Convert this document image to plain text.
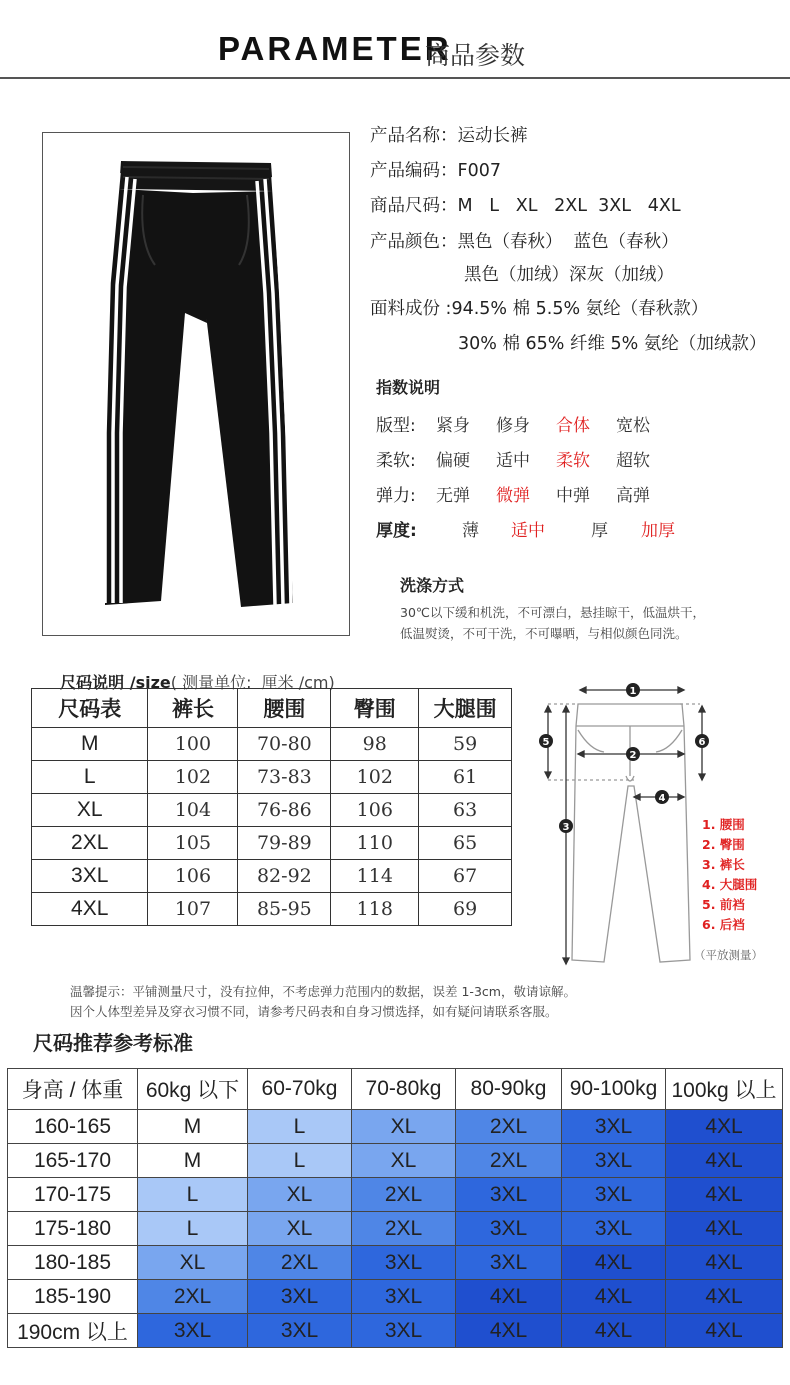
PARAMETER
商品参数
产品名称：运动长裤
产品编码：F007
商品尺码：M   L   XL   2XL  3XL   4XL
产品颜色：黑色（春秋）  蓝色（春秋）
黑色（加绒）深灰（加绒）
面料成份 :94.5% 棉 5.5% 氨纶（春秋款）
30% 棉 65% 纤维 5% 氨纶（加绒款）
指数说明
版型: 紧身 修身 合体 宽松
柔软: 偏硬 适中 柔软 超软
弹力: 无弹 微弹 中弹 高弹
厚度:	薄 适中	厚 加厚
洗涤方式
30℃以下缓和机洗，不可漂白，悬挂晾干，低温烘干，
低温熨烫，不可干洗，不可曝晒，与相似颜色同洗。

尺码说明 /size( 测量单位:  厘米 /cm)

尺码表	裤长	腰围	臀围	大腿围
M	100	70-80	98	59
L	102	73-83	102	61
XL	104	76-86	106	63
2XL	105	79-89	110	65
3XL	106	82-92	114	67
4XL	107	85-95	118	69
1
2
3
4
5	6
1. 腰围
2. 臀围
3. 裤长
4. 大腿围
5. 前裆
6. 后裆
（平放测量）
温馨提示：平铺测量尺寸，没有拉伸，不考虑弹力范围内的数据，误差 1-3cm，敬请谅解。
因个人体型差异及穿衣习惯不同，请参考尺码表和自身习惯选择，如有疑问请联系客服。
尺码推荐参考标准
身高 / 体重	60kg 以下	60-70kg	70-80kg	80-90kg	90-100kg	100kg 以上
160-165	M	L	XL	2XL	3XL	4XL
165-170	M	L	XL	2XL	3XL	4XL
170-175	L	XL	2XL	3XL	3XL	4XL
175-180	L	XL	2XL	3XL	3XL	4XL
180-185	XL	2XL	3XL	3XL	4XL	4XL
185-190	2XL	3XL	3XL	4XL	4XL	4XL
190cm 以上	3XL	3XL	3XL	4XL	4XL	4XL
